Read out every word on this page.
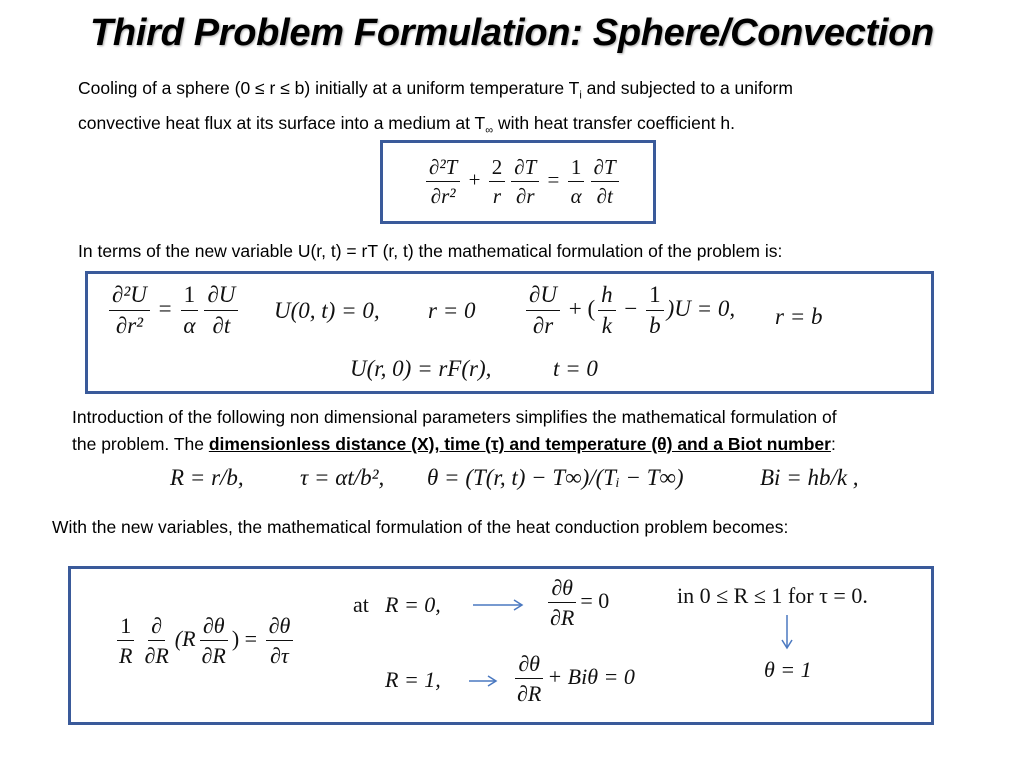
Third Problem Formulation: Sphere/Convection
Cooling of a sphere (0 ≤ r ≤ b) initially at a uniform temperature $T_i$ and subjected to a uniform
convective heat flux at its surface into a medium at $T_\infty$ with heat transfer coefficient h.
$\frac{\text{∂²T}}{\text{∂r²}} + \frac{2}{r} \frac{\partial T}{\partial r} = \frac{1}{\alpha} \frac{\partial T}{\partial t}$
In terms of the new variable U(r, t) = rT (r, t) the mathematical formulation of the problem is:
$\frac{\text{∂²U}}{\text{∂r²}} = \frac{1}{\alpha} \frac{\partial U}{\partial t} U(0$, t) = 0, $r = 0 \frac{\partial U}{\partial r}$ + ( $\frac{h}{k} - \frac{1}{b} )U = 0$, r = b
U(r, 0) = rF(r),	t = 0
Introduction of the following non dimensional parameters simplifies the mathematical formulation of
the problem. The dimensionless distance (X), time (τ) and temperature (θ) and a Biot number:
R = r/b, τ = αt/b², θ = (T(r, t) − T∞)/(Tᵢ − T∞)	Bi = hb/k ,
With the new variables, the mathematical formulation of the heat conduction problem becomes:
$\frac{1}{R} \frac{\partial}{\partial R} (R \frac{\partial\theta}{\partial R}$ ) = $\frac{\partial\theta}{\partial\tau}$
at R = 0,	$\frac{\partial\theta}{\partial R} = 0$	in 0 ≤ R ≤ 1 for τ = 0.
θ = 1
R = 1,	$\frac{\partial\theta}{\partial R} + Bi\theta = 0$
